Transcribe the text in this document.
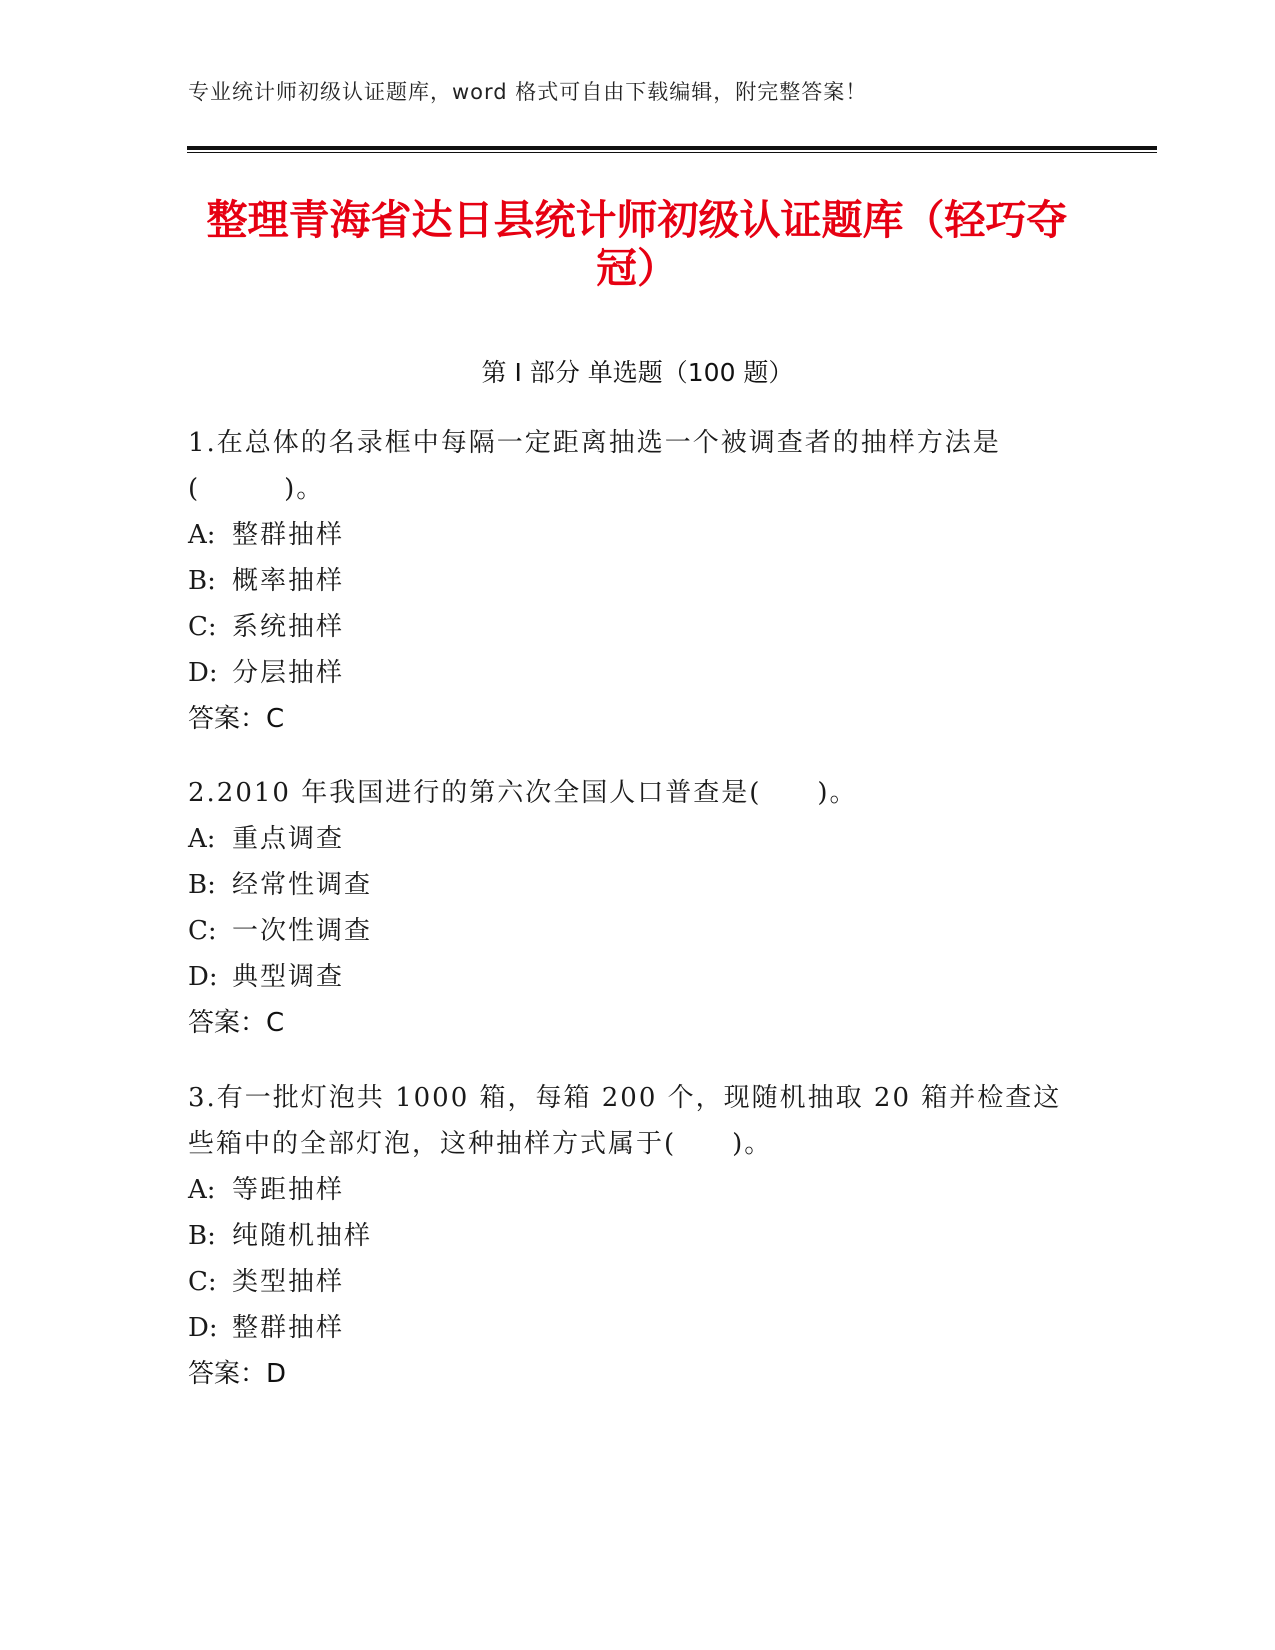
专业统计师初级认证题库，word 格式可自由下载编辑，附完整答案！
整理青海省达日县统计师初级认证题库（轻巧夺冠）
第 I 部分 单选题（100 题）

1.在总体的名录框中每隔一定距离抽选一个被调查者的抽样方法是(　　　)。

A: 整群抽样

B: 概率抽样

C: 系统抽样

D: 分层抽样

答案：C

2.2010 年我国进行的第六次全国人口普查是(　　)。

A: 重点调查

B: 经常性调查

C: 一次性调查

D: 典型调查

答案：C

3.有一批灯泡共 1000 箱，每箱 200 个，现随机抽取 20 箱并检查这些箱中的全部灯泡，这种抽样方式属于(　　)。

A: 等距抽样

B: 纯随机抽样

C: 类型抽样

D: 整群抽样

答案：D
